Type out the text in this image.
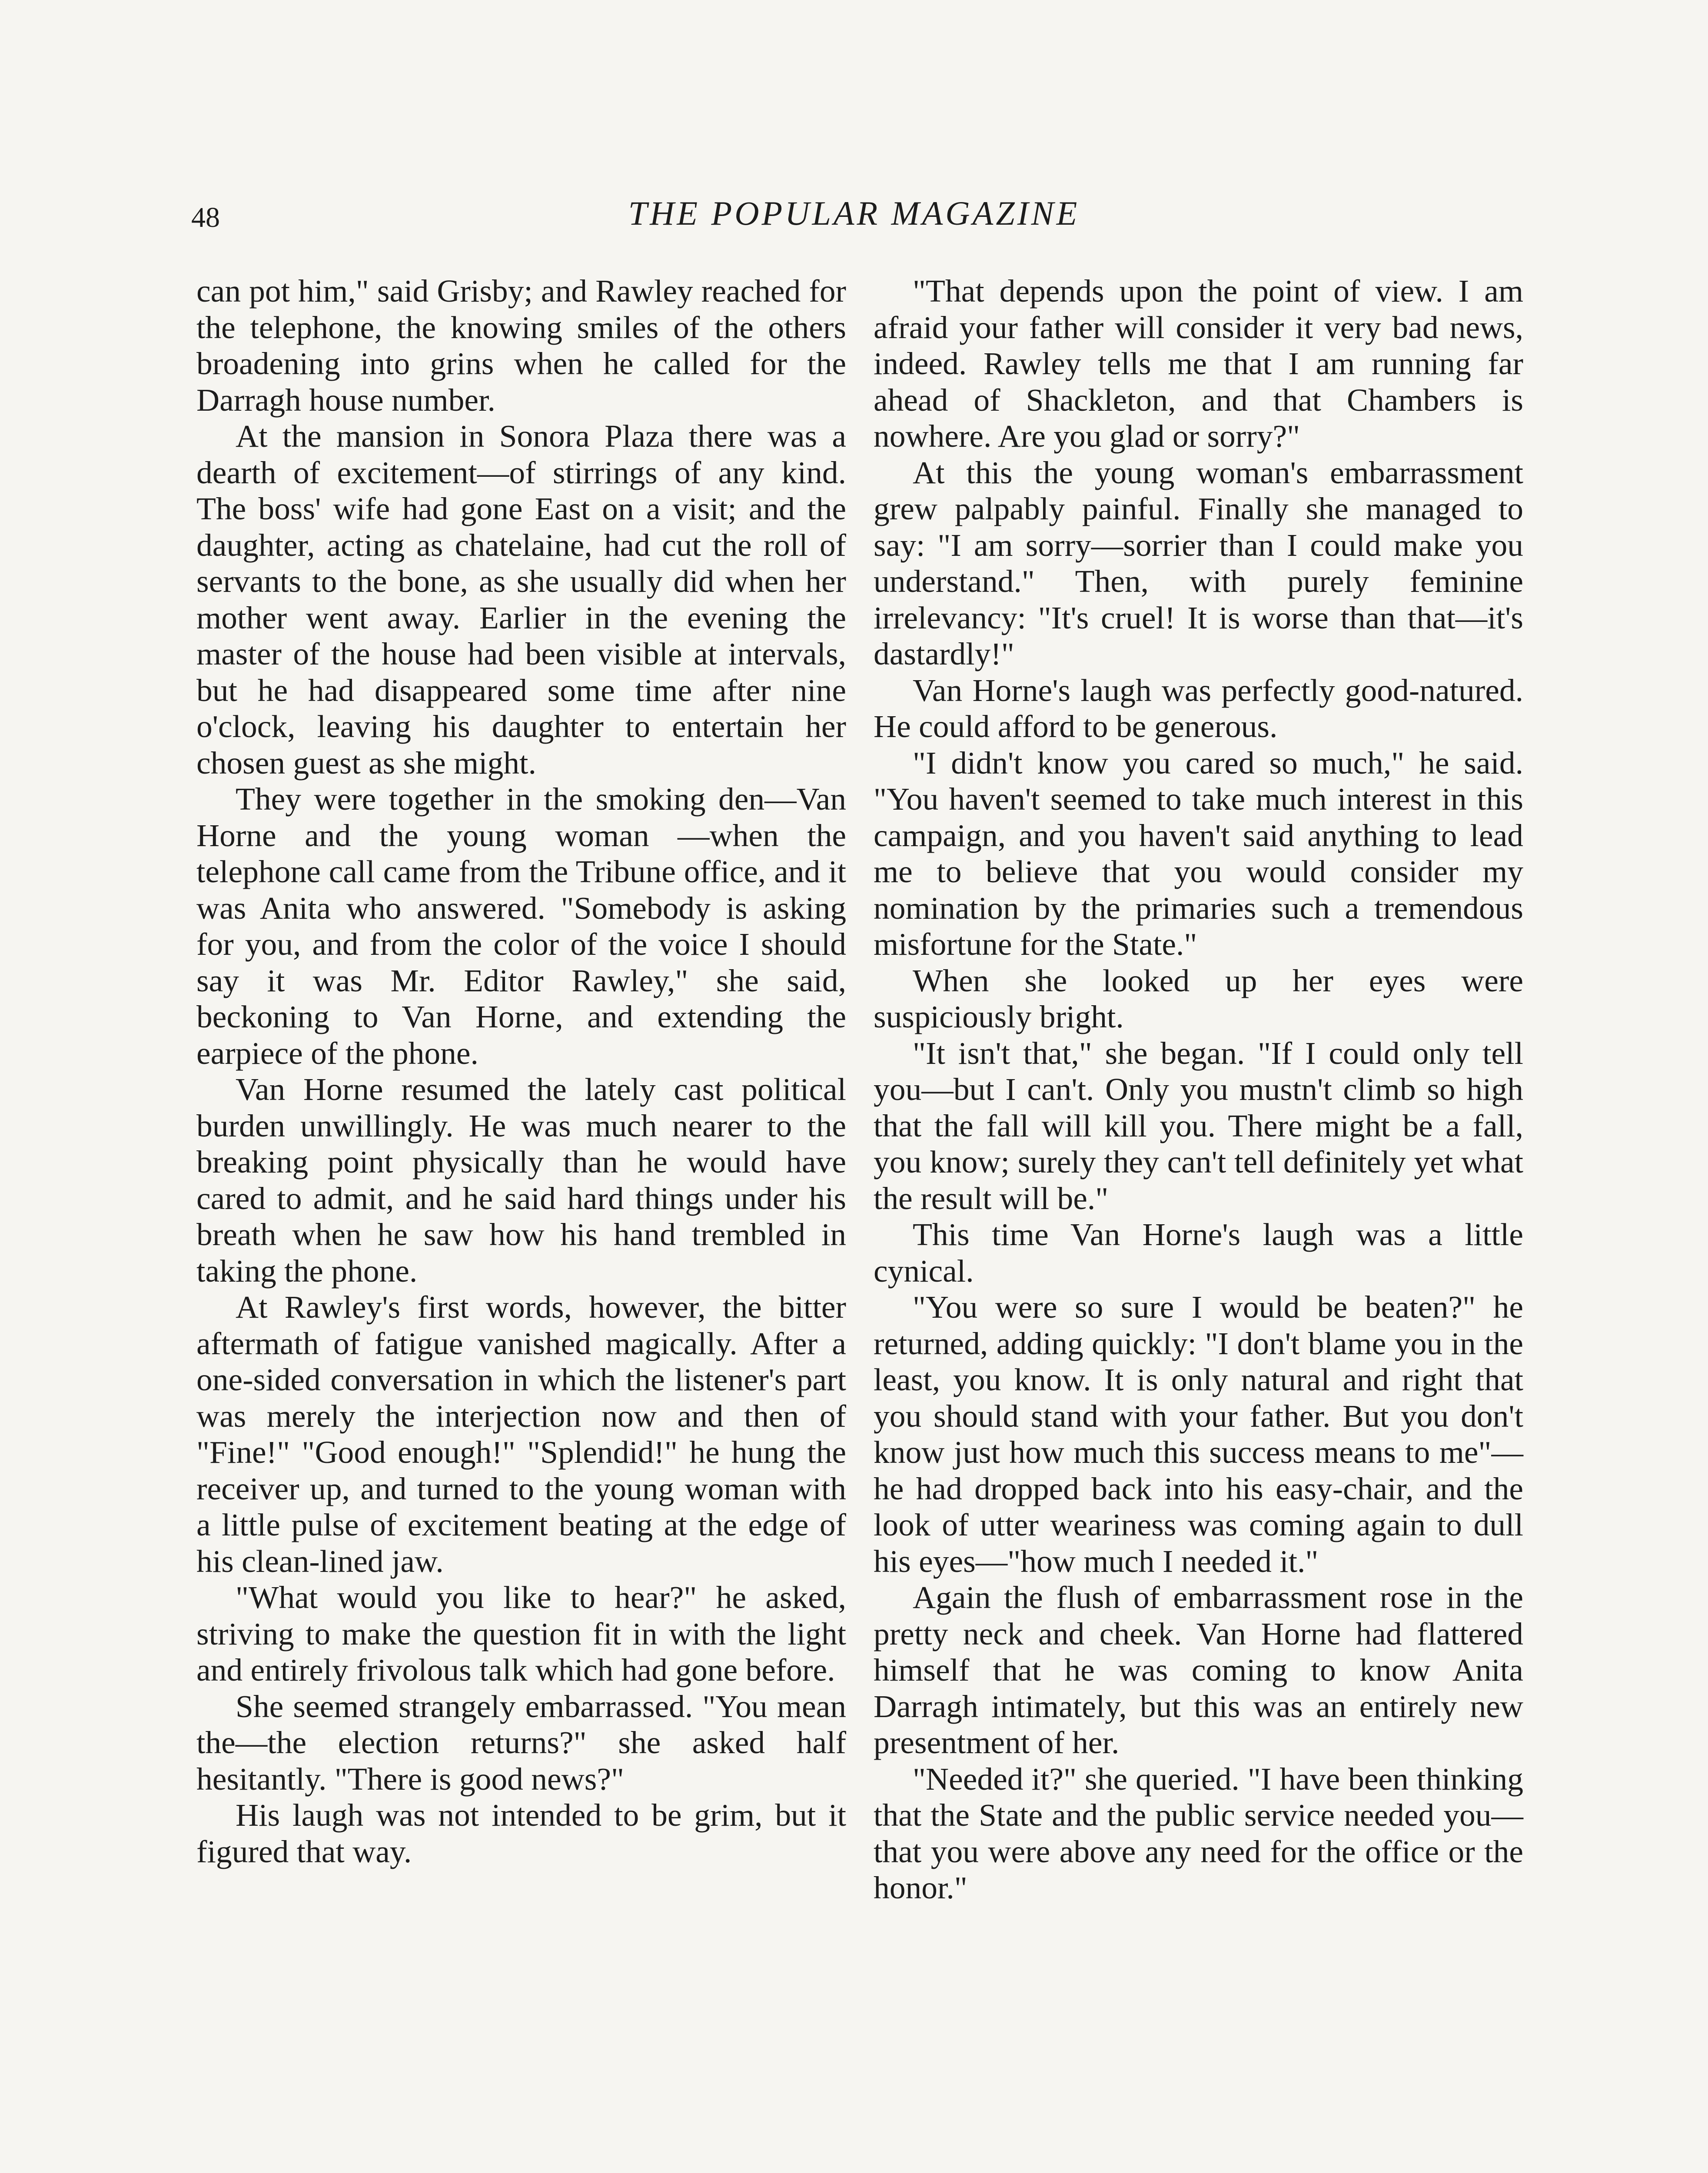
48	THE POPULAR MAGAZINE

can pot him," said Grisby; and Rawley reached for the telephone, the knowing smiles of the others broadening into grins when he called for the Darragh house number.

At the mansion in Sonora Plaza there was a dearth of excitement—of stirrings of any kind. The boss' wife had gone East on a visit; and the daughter, acting as chatelaine, had cut the roll of servants to the bone, as she usually did when her mother went away. Earlier in the evening the master of the house had been visible at intervals, but he had disappeared some time after nine o'clock, leaving his daughter to entertain her chosen guest as she might.

They were together in the smoking den—Van Horne and the young woman —when the telephone call came from the Tribune office, and it was Anita who answered. "Somebody is asking for you, and from the color of the voice I should say it was Mr. Editor Rawley," she said, beckoning to Van Horne, and extending the earpiece of the phone.

Van Horne resumed the lately cast political burden unwillingly. He was much nearer to the breaking point physically than he would have cared to admit, and he said hard things under his breath when he saw how his hand trembled in taking the phone.

At Rawley's first words, however, the bitter aftermath of fatigue vanished magically. After a one-sided conversation in which the listener's part was merely the interjection now and then of "Fine!" "Good enough!" "Splendid!" he hung the receiver up, and turned to the young woman with a little pulse of excitement beating at the edge of his clean-lined jaw.

"What would you like to hear?" he asked, striving to make the question fit in with the light and entirely frivolous talk which had gone before.

She seemed strangely embarrassed. "You mean the—the election returns?" she asked half hesitantly. "There is good news?"

His laugh was not intended to be grim, but it figured that way.

"That depends upon the point of view. I am afraid your father will consider it very bad news, indeed. Rawley tells me that I am running far ahead of Shackleton, and that Chambers is nowhere. Are you glad or sorry?"

At this the young woman's embarrassment grew palpably painful. Finally she managed to say: "I am sorry—sorrier than I could make you understand." Then, with purely feminine irrelevancy: "It's cruel! It is worse than that—it's dastardly!"

Van Horne's laugh was perfectly good-natured. He could afford to be generous.

"I didn't know you cared so much," he said. "You haven't seemed to take much interest in this campaign, and you haven't said anything to lead me to believe that you would consider my nomination by the primaries such a tremendous misfortune for the State."

When she looked up her eyes were suspiciously bright.

"It isn't that," she began. "If I could only tell you—but I can't. Only you mustn't climb so high that the fall will kill you. There might be a fall, you know; surely they can't tell definitely yet what the result will be."

This time Van Horne's laugh was a little cynical.

"You were so sure I would be beaten?" he returned, adding quickly: "I don't blame you in the least, you know. It is only natural and right that you should stand with your father. But you don't know just how much this success means to me"—he had dropped back into his easy-chair, and the look of utter weariness was coming again to dull his eyes—"how much I needed it."

Again the flush of embarrassment rose in the pretty neck and cheek. Van Horne had flattered himself that he was coming to know Anita Darragh intimately, but this was an entirely new presentment of her.

"Needed it?" she queried. "I have been thinking that the State and the public service needed you—that you were above any need for the office or the honor."
